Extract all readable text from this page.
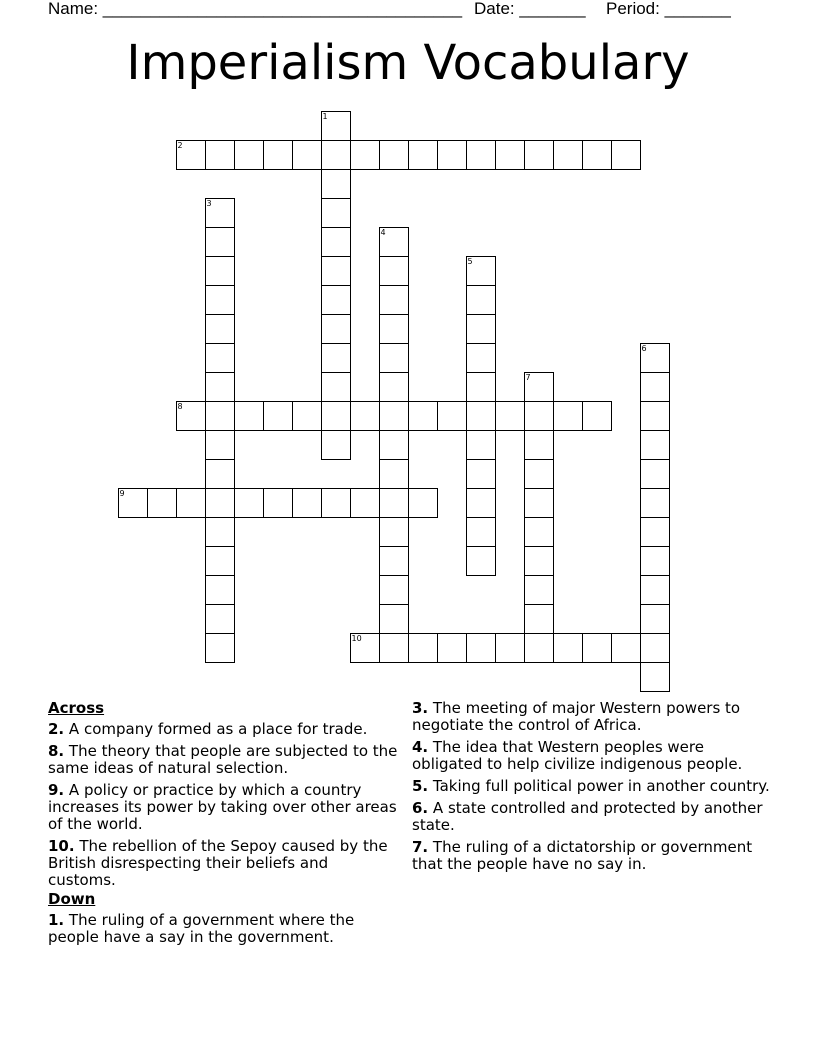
Name: ______________________________________ Date: _______ Period: _______
Imperialism Vocabulary
1
2
3
4
5
6
7
8
9
10
Across
2. A company formed as a place for trade.
8. The theory that people are subjected to the same ideas of natural selection.
9. A policy or practice by which a country increases its power by taking over other areas of the world.
10. The rebellion of the Sepoy caused by the British disrespecting their beliefs and customs.
Down
1. The ruling of a government where the people have a say in the government.
3. The meeting of major Western powers to negotiate the control of Africa.
4. The idea that Western peoples were obligated to help civilize indigenous people.
5. Taking full political power in another country.
6. A state controlled and protected by another state.
7. The ruling of a dictatorship or government that the people have no say in.
